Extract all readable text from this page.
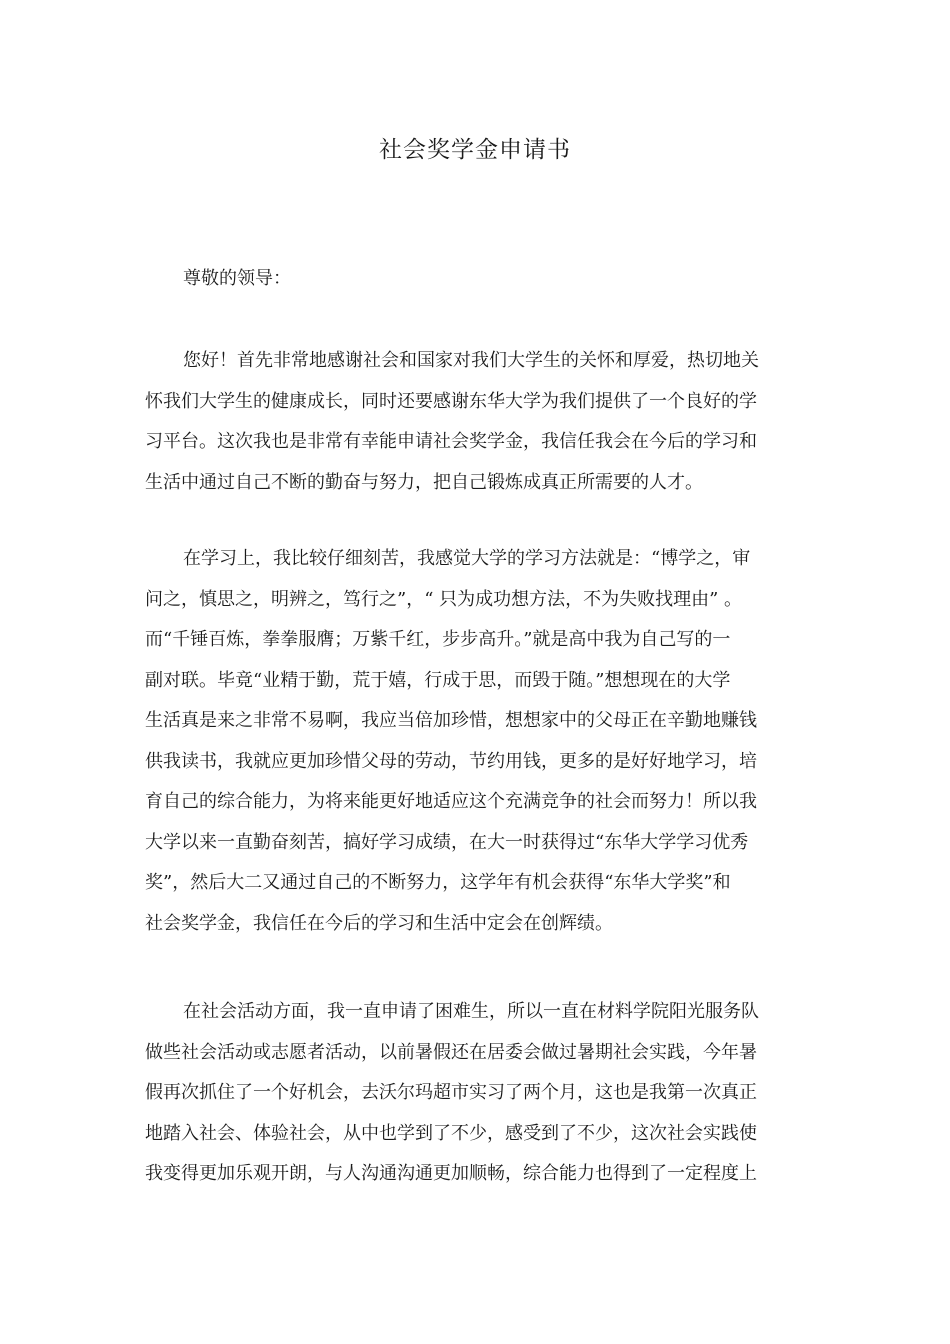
社会奖学金申请书
尊敬的领导：
您好！首先非常地感谢社会和国家对我们大学生的关怀和厚爱，热切地关
怀我们大学生的健康成长，同时还要感谢东华大学为我们提供了一个良好的学
习平台。这次我也是非常有幸能申请社会奖学金，我信任我会在今后的学习和
生活中通过自己不断的勤奋与努力，把自己锻炼成真正所需要的人才。
在学习上，我比较仔细刻苦，我感觉大学的学习方法就是：“博学之，审
问之，慎思之，明辨之，笃行之”，“ 只为成功想方法，不为失败找理由” 。
而“千锤百炼，拳拳服膺；万紫千红，步步高升。”就是高中我为自己写的一
副对联。毕竟“业精于勤，荒于嬉，行成于思，而毁于随。”想想现在的大学
生活真是来之非常不易啊，我应当倍加珍惜，想想家中的父母正在辛勤地赚钱
供我读书，我就应更加珍惜父母的劳动，节约用钱，更多的是好好地学习，培
育自己的综合能力，为将来能更好地适应这个充满竞争的社会而努力！所以我
大学以来一直勤奋刻苦，搞好学习成绩，在大一时获得过“东华大学学习优秀
奖”，然后大二又通过自己的不断努力，这学年有机会获得“东华大学奖”和
社会奖学金，我信任在今后的学习和生活中定会在创辉绩。
在社会活动方面，我一直申请了困难生，所以一直在材料学院阳光服务队
做些社会活动或志愿者活动，以前暑假还在居委会做过暑期社会实践，今年暑
假再次抓住了一个好机会，去沃尔玛超市实习了两个月，这也是我第一次真正
地踏入社会、体验社会，从中也学到了不少，感受到了不少，这次社会实践使
我变得更加乐观开朗，与人沟通沟通更加顺畅，综合能力也得到了一定程度上
